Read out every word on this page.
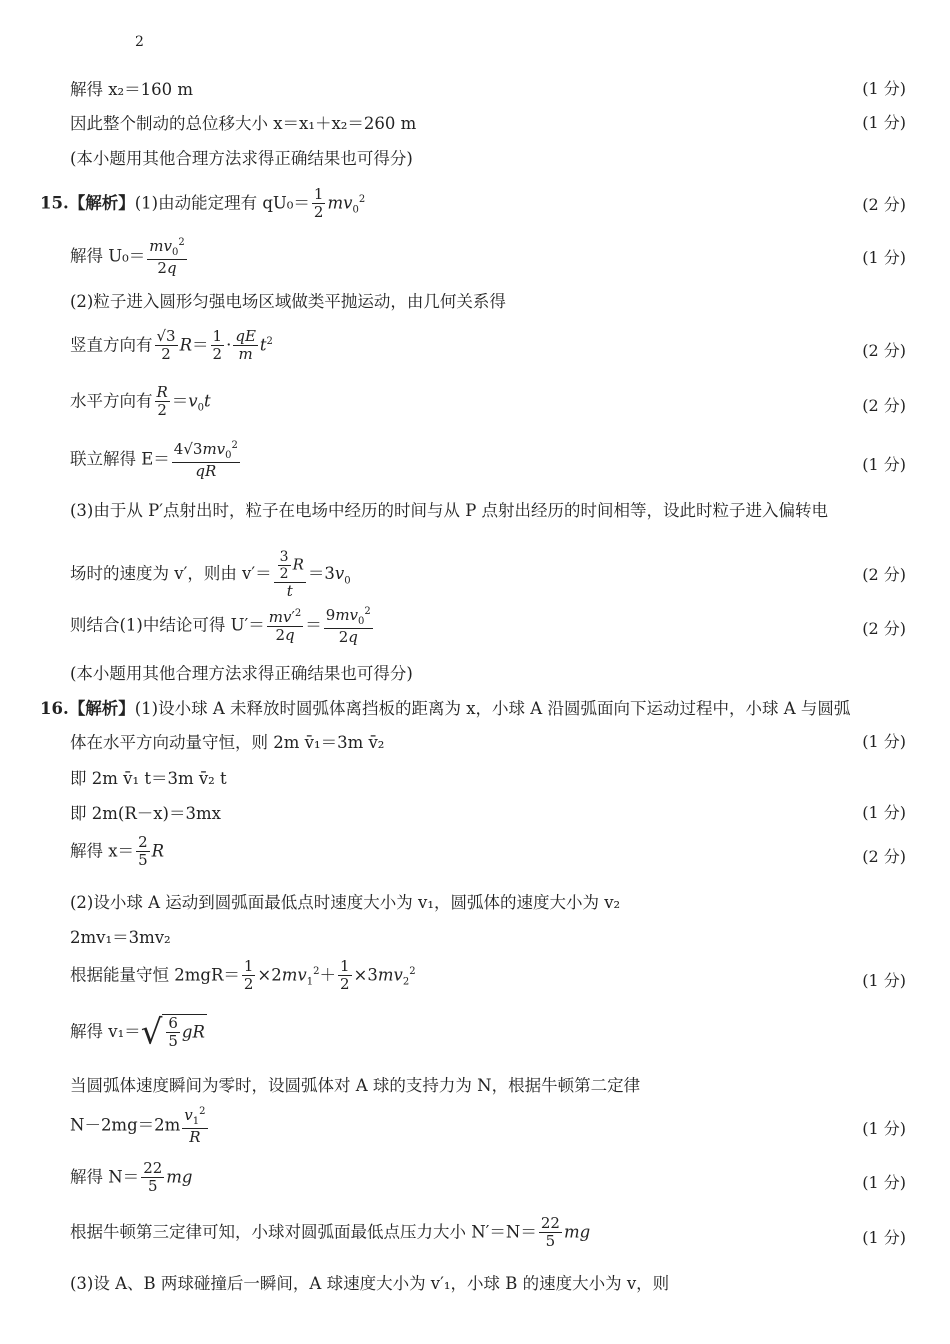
2
解得 x₂＝160 m	(1 分)
因此整个制动的总位移大小 x＝x₁＋x₂＝260 m	(1 分)
(本小题用其他合理方法求得正确结果也可得分)
15.【解析】(1)由动能定理有 $qU_0= \frac{1}{2} mv_0^2$	(2 分)
解得 $U_0= \frac{mv_0^2}{2q}$	(1 分)
(2)粒子进入圆形匀强电场区域做类平抛运动，由几何关系得
竖直方向有 $\frac{√3}{2} R= \frac{1}{2} \cdot \frac{qE}{m} t^2$	(2 分)
水平方向有 $\frac{R}{2} =v_0t$	(2 分)
联立解得 $E= \frac{4√3mv_0^2}{qR}$	(1 分)
(3)由于从 P′点射出时，粒子在电场中经历的时间与从 P 点射出经历的时间相等，设此时粒子进入偏转电
场时的速度为 v′，则由 $v'= \frac{\frac{3}{2} R}{t} =3v_0$	(2 分)
则结合(1)中结论可得 $U'= \frac{mv'^2}{2q} = \frac{9mv_0^2}{2q}$	(2 分)
(本小题用其他合理方法求得正确结果也可得分)
16.【解析】(1)设小球 A 未释放时圆弧体离挡板的距离为 x，小球 A 沿圆弧面向下运动过程中，小球 A 与圆弧
体在水平方向动量守恒，则 2m v̄₁＝3m v̄₂	(1 分)
即 2m v̄₁ t＝3m v̄₂ t
即 2m(R－x)＝3mx	(1 分)
解得 $x= \frac{2}{5}$ R	(2 分)
(2)设小球 A 运动到圆弧面最低点时速度大小为 v₁，圆弧体的速度大小为 v₂
2mv₁＝3mv₂
根据能量守恒 $2mgR= \frac{1}{2} \times 2mv_1^2+ \frac{1}{2} \times 3mv_2^2$	(1 分)
解得 $v_1=√ \frac{6}{5}$ gR
当圆弧体速度瞬间为零时，设圆弧体对 A 球的支持力为 N，根据牛顿第二定律
$N-2mg=2m \frac{v_1^2}{R}$	(1 分)
解得 $N= \frac{22}{5}$ mg	(1 分)
根据牛顿第三定律可知，小球对圆弧面最低点压力大小 $N'=N= \frac{22}{5}$ mg	(1 分)
(3)设 A、B 两球碰撞后一瞬间，A 球速度大小为 v′₁，小球 B 的速度大小为 v，则
